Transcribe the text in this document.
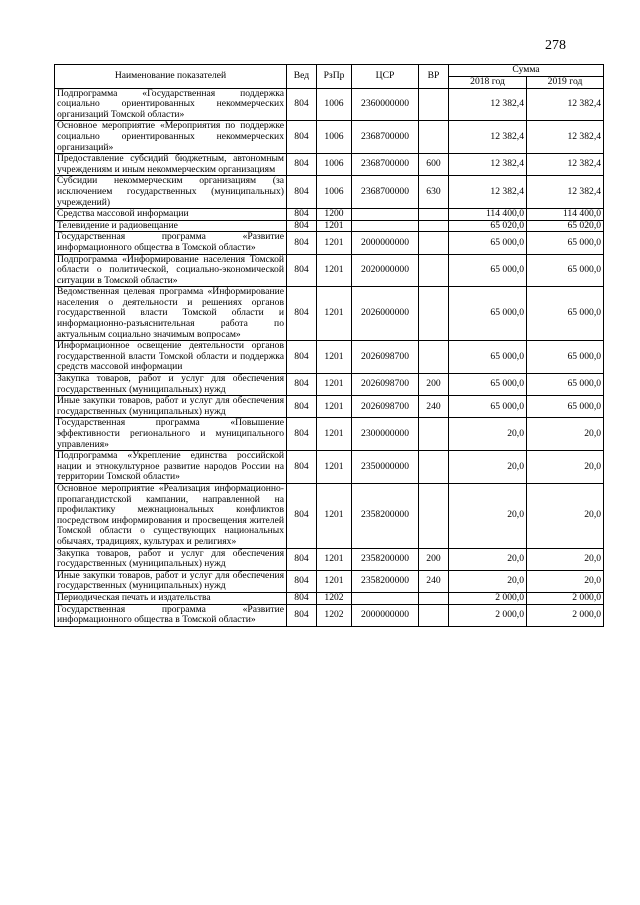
278
Наименование показателей	Вед	РзПр	ЦСР	ВР	Сумма	
					2018 год	2019 год
Подпрограмма «Государственная поддержка социально ориентированных некоммерческих организаций Томской области»	804	1006	2360000000		12 382,4	12 382,4
Основное мероприятие «Мероприятия по поддержке социально ориентированных некоммерческих организаций»	804	1006	2368700000		12 382,4	12 382,4
Предоставление субсидий бюджетным, автономным учреждениям и иным некоммерческим организациям	804	1006	2368700000	600	12 382,4	12 382,4
Субсидии некоммерческим организациям (за исключением государственных (муниципальных) учреждений)	804	1006	2368700000	630	12 382,4	12 382,4
Средства массовой информации	804	1200			114 400,0	114 400,0
Телевидение и радиовещание	804	1201			65 020,0	65 020,0
Государственная программа «Развитие информационного общества в Томской области»	804	1201	2000000000		65 000,0	65 000,0
Подпрограмма «Информирование населения Томской области о политической, социально-экономической ситуации в Томской области»	804	1201	2020000000		65 000,0	65 000,0
Ведомственная целевая программа «Информирование населения о деятельности и решениях органов государственной власти Томской области и информационно-разъяснительная работа по актуальным социально значимым вопросам»	804	1201	2026000000		65 000,0	65 000,0
Информационное освещение деятельности органов государственной власти Томской области и поддержка средств массовой информации	804	1201	2026098700		65 000,0	65 000,0
Закупка товаров, работ и услуг для обеспечения государственных (муниципальных) нужд	804	1201	2026098700	200	65 000,0	65 000,0
Иные закупки товаров, работ и услуг для обеспечения государственных (муниципальных) нужд	804	1201	2026098700	240	65 000,0	65 000,0
Государственная программа «Повышение эффективности регионального и муниципального управления»	804	1201	2300000000		20,0	20,0
Подпрограмма «Укрепление единства российской нации и этнокультурное развитие народов России на территории Томской области»	804	1201	2350000000		20,0	20,0
Основное мероприятие «Реализация информационно-пропагандистской кампании, направленной на профилактику межнациональных конфликтов посредством информирования и просвещения жителей Томской области о существующих национальных обычаях, традициях, культурах и религиях»	804	1201	2358200000		20,0	20,0
Закупка товаров, работ и услуг для обеспечения государственных (муниципальных) нужд	804	1201	2358200000	200	20,0	20,0
Иные закупки товаров, работ и услуг для обеспечения государственных (муниципальных) нужд	804	1201	2358200000	240	20,0	20,0
Периодическая печать и издательства	804	1202			2 000,0	2 000,0
Государственная программа «Развитие информационного общества в Томской области»	804	1202	2000000000		2 000,0	2 000,0
